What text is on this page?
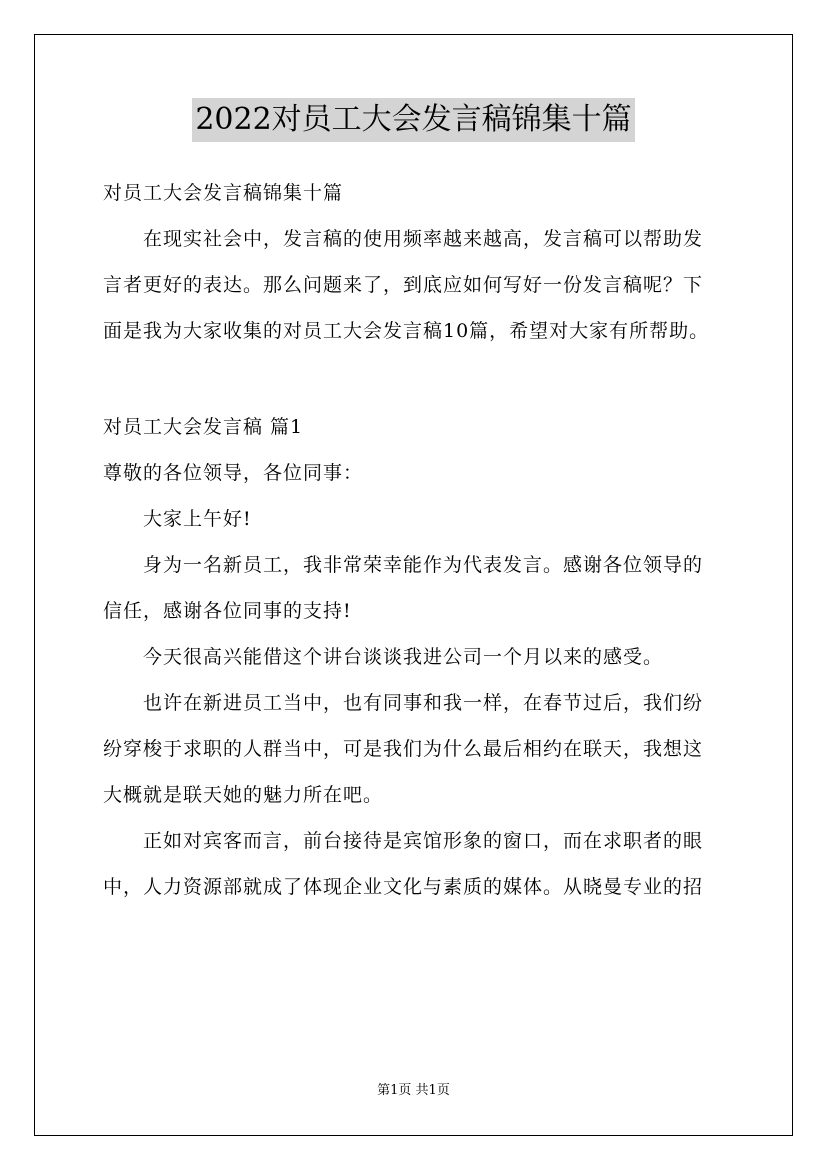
2022对员工大会发言稿锦集十篇
对员工大会发言稿锦集十篇
在现实社会中，发言稿的使用频率越来越高，发言稿可以帮助发
言者更好的表达。那么问题来了，到底应如何写好一份发言稿呢？下
面是我为大家收集的对员工大会发言稿10篇，希望对大家有所帮助。
对员工大会发言稿 篇1
尊敬的各位领导，各位同事：
大家上午好!
身为一名新员工，我非常荣幸能作为代表发言。感谢各位领导的
信任，感谢各位同事的支持!
今天很高兴能借这个讲台谈谈我进公司一个月以来的感受。
也许在新进员工当中，也有同事和我一样，在春节过后，我们纷
纷穿梭于求职的人群当中，可是我们为什么最后相约在联天，我想这
大概就是联天她的魅力所在吧。
正如对宾客而言，前台接待是宾馆形象的窗口，而在求职者的眼
中，人力资源部就成了体现企业文化与素质的媒体。从晓曼专业的招
第1页 共1页
